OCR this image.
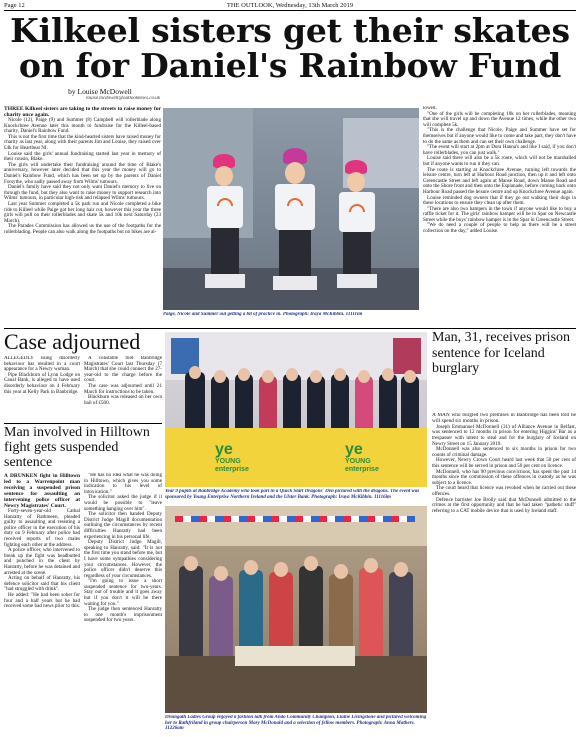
Page 12	THE OUTLOOK, Wednesday, 13th March 2019
Kilkeel sisters get their skates on for Daniel's Rainbow Fund
by Louise McDowell
louise.mcdowell@outlooknews.co.uk

THREE Kilkeel sisters are taking to the streets to raise money for charity once again.

Nicole (12), Paige (9) and Summer (8) Campbell will rollerblade along Knockchree Avenue later this month to fundraise for the Killeel-based charity, Daniel's Rainbow Fund.

This is not the first time that the kind-hearted sisters have raised money for charity as last year, along with their parents Jim and Louise, they raised over £4k for Heartbeat NI.

Louise said the girls' annual fundraising started last year in memory of their cousin, Blake.

The girls will undertake their fundraising around the time of Blake's anniversary, however later decided that this year the money will go to Daniel's Rainbow Fund, which has been set up by the parents of Daniel Forsythe, who sadly passed away from Wilms' tumours.

Daniel's family have said they not only want Daniel's memory to live on through the fund, but they also want to raise money to support research into Wilms' tumours, in particular high-risk and relapsed Wilms' tumours.

Last year Summer completed a 5k park run and Nicole completed a bike ride to Killeel while Paige got her long hair cut, however this year the three girls will pull on their rollerblades and skate 5k and 10k next Saturday (23 March).

The Parades Commission has allowed us the use of the footpaths for the rollerblading. People can also walk along the footpaths but no bikes are al-

Paige, Nicole and Summer out getting a bit of practice in. Photograph: Iraya McKibbin. 11111im

lowed.

"One of the girls will be completing 10k on her rollerblades, meaning that she will travel up and down the Avenue 12 times, while the other two will complete 5k.

"This is the challenge that Nicole, Paige and Summer have set for themselves but if anyone would like to come and take part, they don't have to do the same as them and can set their own challenge.

"The event will start at 2pm at Dora Hanna's and like I said, if you don't have rollerblades, you can just walk."

Louise said there will also be a 5k route, which will not be marshalled but if anyone wants to run it they can.

The route is starting at Knockchree Avenue, turning left towards the leisure centre, turn left at Harbour Road junction, then up it and left onto Greencastle Street and left again at Manse Road, down Manse Road and onto the Shore front and then onto the Esplanade, before coming back onto Harbour Road passed the leisure centre and up Knockchree Avenue again.

Louise reminded dog owners that if they go out walking their dogs in these locations to ensure they clean up after them.

"There are also two hampers in the town if anyone would like to buy a raffle ticket for it. The girls' rainbow hamper will be in Spar on Newcastle Street while the boys' rainbow hamper is in the Spar in Greencastle Street.

"We do need a couple of people to help as there will be a street collection on the day," added Louise.

Case adjourned

ALLEGEDLY using disorderly behaviour has resulted in a court appearance for a Newry woman.

Pipe Blackburn of Lynn Lodge on Canal Bank, is alleged to have used disorderly behaviour on 4 February this year at Kelly Park in Banbridge.

A constable told Banbridge Magistrates' Court last Thursday (7 March) that she could connect the 27-year-old to the charge before the court.

The case was adjourned until 21 March for instructions to be taken.

Blackburn was released on her own bail of £500.

Man involved in Hilltown fight gets suspended sentence

A DRUNKEN fight in Hilltown led to a Warrenpoint man receiving a suspended prison sentence for assaulting an intervening police officer at Newry Magistrates' Court.

Forty-seven-year-old Cathal Hanratty of Rathmeen, pleaded guilty to assaulting and resisting a police officer in the execution of his duty on 9 February after police had received reports of two males fighting each other at the address.

A police officer, who intervened to break up the fight was headbutted and punched in the chest by Hanratty, before he was detained and arrested at the scene.

Acting on behalf of Hanratty, his defence solicitor said that his client "had struggled with drink".

He added: "He had been sober for four and a half years but he had received some bad news prior to this.

"He has no idea what he was doing in Hilltown, which gives you some indication to his level of intoxication."

The solicitor asked the judge if it would be possible to "leave something hanging over him".

The solicitor then handed Deputy District Judge Magill documentation outlining the circumstances by recent difficulties Hanratty had been experiencing in his personal life.

Deputy District Judge Magill, speaking to Hanratty, said: "It is not the first time you stand before me, but I have some sympathies considering your circumstances. However, the police officer didn't deserve this regardless of your circumstances.

"I'm going to issue a short suspended sentence for two-years. Stay out of trouble and it goes away but if you don't it will be there waiting for you."

The judge then sentenced Hanratty to one month's imprisonment suspended for two years.

ye
YOUNG enterprise
ye
YOUNG enterprise
Year 9 pupils at Banbridge Academy who took part in a Quick Start Dragons' Den pictured with the dragons. The event was sponsored by Young Enterprise Northern Ireland and the Ulster Bank. Photograph: Iraya McKibbin. 11116im
Dromgath Ladies Group enjoyed a fashion talk from Ando Community Champion, Elaine Livingstone and pictured welcoming her to Rathfriland in group chairperson Mary McDonald and a selection of fellow members. Photograph: Anna Mathers. 11226am
Man, 31, receives prison sentence for Iceland burglary

A MAN who burgled two premises in Banbridge has been told he will spend six months in prison.

Joseph Emmanuel McDonnell (31) of Alliance Avenue in Belfast, was sentenced to 12 months in prison for entering Higgins' Bar as a trespasser with intent to steal and for the burglary of Iceland on Newry Street on 15 January 2019.

McDonnell was also sentenced to six months in prison for two counts of criminal damage.

However, Newry Crown Court heard last week that 50 per cent of this sentence will be served in prison and 50 per cent on licence.

McDonnell, who has 90 previous convictions, has spent the past 14 months since the commission of these offences in custody as he was subject to a licence.

The court heard that licence was revoked when he carried out these offences.

Defence barrister Joe Brolly said that McDonnell admitted to the crimes at the first opportunity and that he had taken "pathetic stuff" referring to a CAT mobile device that is used by Iceland staff.
